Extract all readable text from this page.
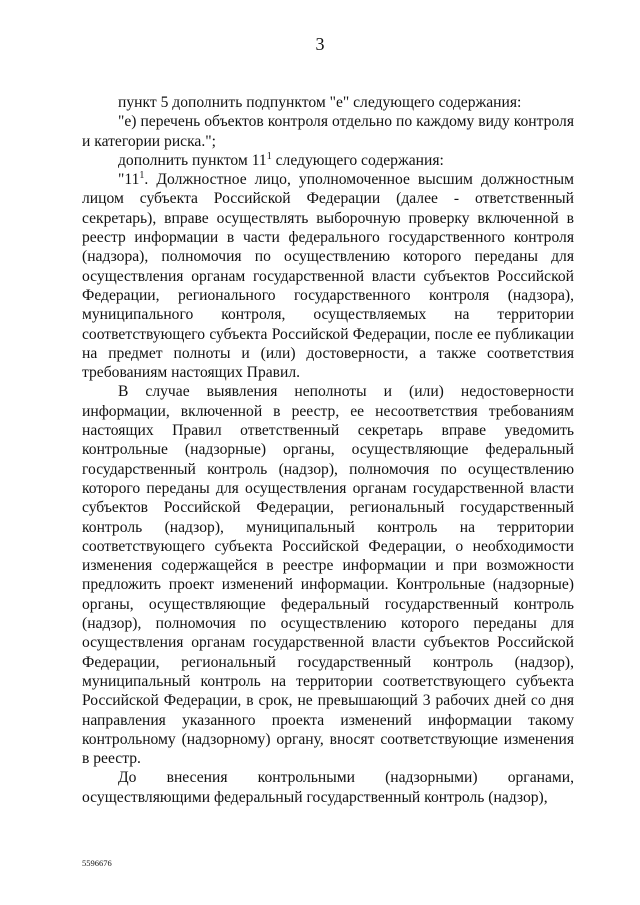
3

пункт 5 дополнить подпунктом "е" следующего содержания:

"е) перечень объектов контроля отдельно по каждому виду контроля и категории риска.";

дополнить пунктом $11^1$ следующего содержания:

"$11^1$. Должностное лицо, уполномоченное высшим должностным лицом субъекта Российской Федерации (далее - ответственный секретарь), вправе осуществлять выборочную проверку включенной в реестр информации в части федерального государственного контроля (надзора), полномочия по осуществлению которого переданы для осуществления органам государственной власти субъектов Российской Федерации, регионального государственного контроля (надзора), муниципального контроля, осуществляемых на территории соответствующего субъекта Российской Федерации, после ее публикации на предмет полноты и (или) достоверности, а также соответствия требованиям настоящих Правил.

В случае выявления неполноты и (или) недостоверности информации, включенной в реестр, ее несоответствия требованиям настоящих Правил ответственный секретарь вправе уведомить контрольные (надзорные) органы, осуществляющие федеральный государственный контроль (надзор), полномочия по осуществлению которого переданы для осуществления органам государственной власти субъектов Российской Федерации, региональный государственный контроль (надзор), муниципальный контроль на территории соответствующего субъекта Российской Федерации, о необходимости изменения содержащейся в реестре информации и при возможности предложить проект изменений информации. Контрольные (надзорные) органы, осуществляющие федеральный государственный контроль (надзор), полномочия по осуществлению которого переданы для осуществления органам государственной власти субъектов Российской Федерации, региональный государственный контроль (надзор), муниципальный контроль на территории соответствующего субъекта Российской Федерации, в срок, не превышающий 3 рабочих дней со дня направления указанного проекта изменений информации такому контрольному (надзорному) органу, вносят соответствующие изменения в реестр.

До внесения контрольными (надзорными) органами, осуществляющими федеральный государственный контроль (надзор),

5596676
